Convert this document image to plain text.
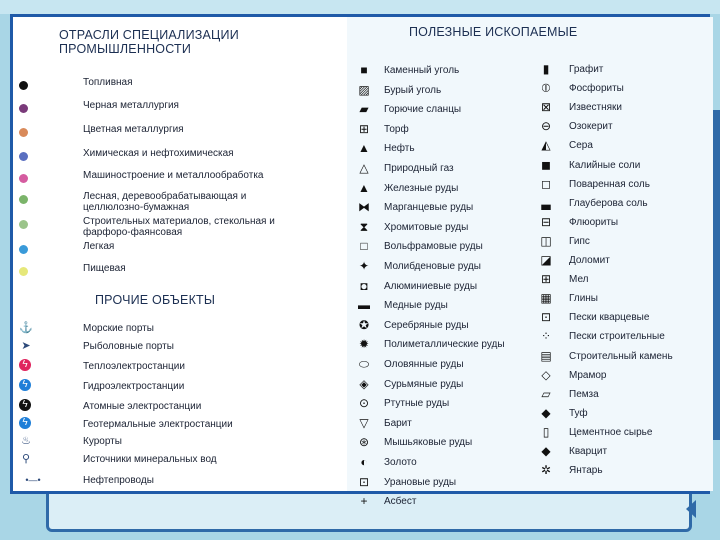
ОТРАСЛИ СПЕЦИАЛИЗАЦИИ ПРОМЫШЛЕННОСТИ
Топливная
Черная металлургия
Цветная металлургия
Химическая и нефтохимическая
Машиностроение и металлообработка
Лесная, деревообрабатывающая и целлюлозно-бумажная
Строительных материалов, стекольная и фарфоро-фаянсовая
Легкая
Пищевая
ПРОЧИЕ ОБЪЕКТЫ
⚓	Морские порты
➤	Рыболовные порты
ϟ	Теплоэлектростанции
ϟ	Гидроэлектростанции
ϟ	Атомные электростанции
ϟ	Геотермальные электростанции
♨	Курорты
⚲	Источники минеральных вод
•—•	Нефтепроводы
ПОЛЕЗНЫЕ ИСКОПАЕМЫЕ
■	Каменный уголь
▨ Бурый уголь
▰ Горючие сланцы
⊞ Торф
▲ Нефть
△ Природный газ
▲ Железные руды
⧓ Марганцевые руды
⧗ Хромитовые руды
□	Вольфрамовые руды
✦ Молибденовые руды
◘	Алюминиевые руды
▬ Медные руды
✪ Серебряные руды
✹ Полиметаллические руды
⬭ Оловянные руды
◈ Сурьмяные руды
⊙ Ртутные руды
▽ Барит
⊛ Мышьяковые руды
◐	Золото
⊡ Урановые руды
+	Асбест
▮	Графит
⦶ Фосфориты
⊠ Известняки
⊖ Озокерит
◭ Сера
◼ Калийные соли
◻ Поваренная соль
▃ Глауберова соль
⊟ Флюориты
◫ Гипс
◪ Доломит
⊞ Мел
▦ Глины
⊡ Пески кварцевые
⁘ Пески строительные
▤ Строительный камень
◇ Мрамор
▱ Пемза
◆ Туф
▯	Цементное сырье
◆ Кварцит
✲ Янтарь
